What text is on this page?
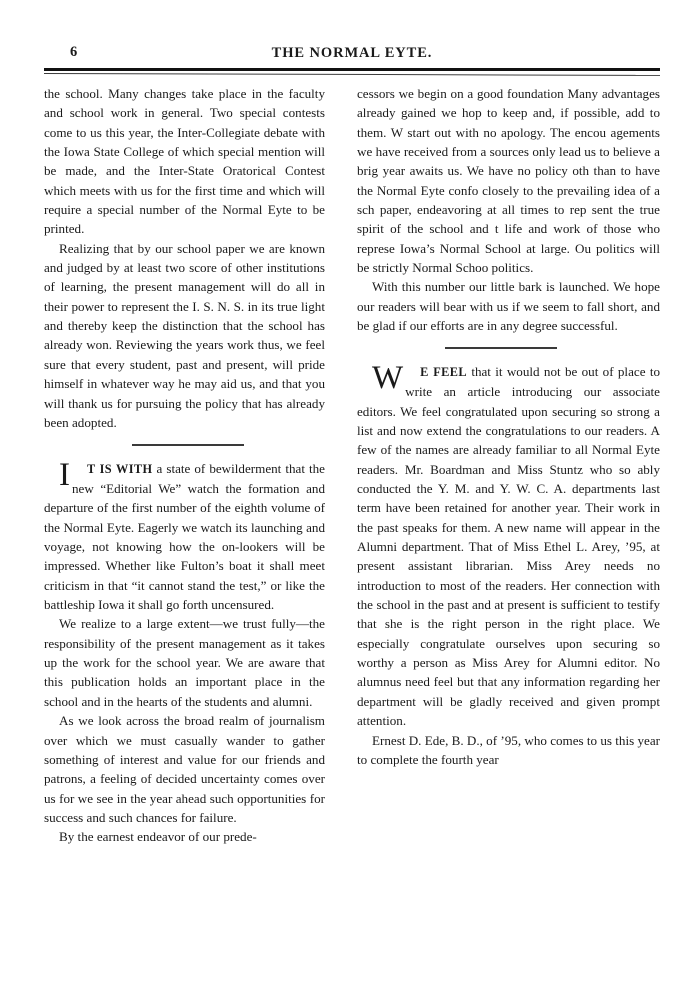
6	THE NORMAL EYTE.

the school. Many changes take place in the faculty and school work in general. Two special contests come to us this year, the Inter-Collegiate debate with the Iowa State College of which special mention will be made, and the Inter-State Oratorical Contest which meets with us for the first time and which will require a special number of the Normal Eyte to be printed.

Realizing that by our school paper we are known and judged by at least two score of other institutions of learning, the present management will do all in their power to represent the I. S. N. S. in its true light and thereby keep the distinction that the school has already won. Reviewing the years work thus, we feel sure that every student, past and present, will pride himself in whatever way he may aid us, and that you will thank us for pursuing the policy that has already been adopted.

I T IS WITH a state of bewilderment that the new “Editorial We” watch the formation and departure of the first number of the eighth volume of the Normal Eyte. Eagerly we watch its launching and voyage, not knowing how the on-lookers will be impressed. Whether like Fulton’s boat it shall meet criticism in that “it cannot stand the test,” or like the battleship Iowa it shall go forth uncensured.

We realize to a large extent—we trust fully—the responsibility of the present management as it takes up the work for the school year. We are aware that this publication holds an important place in the school and in the hearts of the students and alumni.

As we look across the broad realm of journalism over which we must casually wander to gather something of interest and value for our friends and patrons, a feeling of decided uncertainty comes over us for we see in the year ahead such opportunities for success and such chances for failure.

By the earnest endeavor of our prede-

cessors we begin on a good foundation Many advantages already gained we hop to keep and, if possible, add to them. W start out with no apology. The encou agements we have received from a sources only lead us to believe a brig year awaits us. We have no policy oth than to have the Normal Eyte confo closely to the prevailing idea of a sch paper, endeavoring at all times to rep sent the true spirit of the school and t life and work of those who represe Iowa’s Normal School at large. Ou politics will be strictly Normal Schoo politics.

With this number our little bark is launched. We hope our readers will bear with us if we seem to fall short, and be glad if our efforts are in any degree successful.

W E FEEL that it would not be out of place to write an article introducing our associate editors. We feel congratulated upon securing so strong a list and now extend the congratulations to our readers. A few of the names are already familiar to all Normal Eyte readers. Mr. Boardman and Miss Stuntz who so ably conducted the Y. M. and Y. W. C. A. departments last term have been retained for another year. Their work in the past speaks for them. A new name will appear in the Alumni department. That of Miss Ethel L. Arey, ’95, at present assistant librarian. Miss Arey needs no introduction to most of the readers. Her connection with the school in the past and at present is sufficient to testify that she is the right person in the right place. We especially congratulate ourselves upon securing so worthy a person as Miss Arey for Alumni editor. No alumnus need feel but that any information regarding her department will be gladly received and given prompt attention.

Ernest D. Ede, B. D., of ’95, who comes to us this year to complete the fourth year
